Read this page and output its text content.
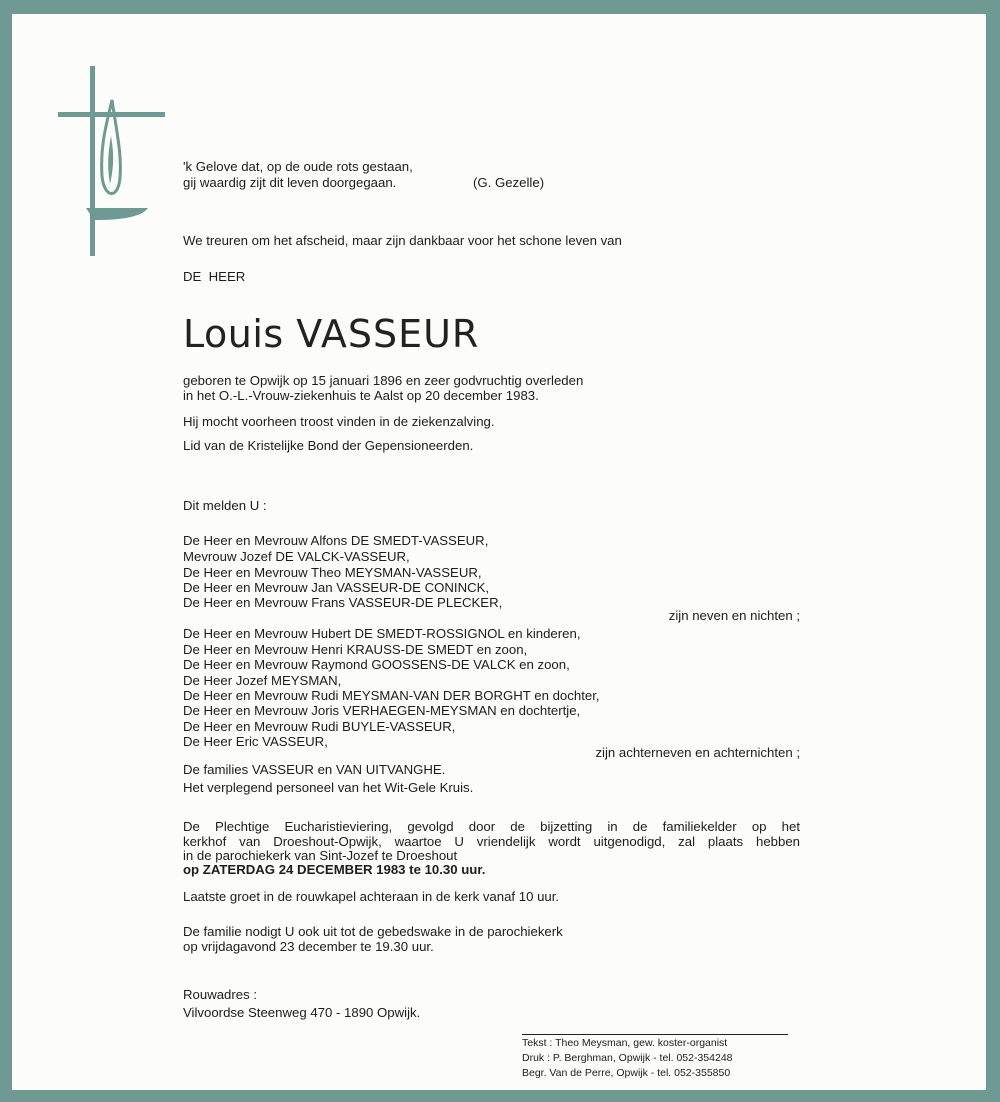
'k Gelove dat, op de oude rots gestaan,
gij waardig zijt dit leven doorgegaan.	(G. Gezelle)
We treuren om het afscheid, maar zijn dankbaar voor het schone leven van
DE  HEER
Louis VASSEUR
geboren te Opwijk op 15 januari 1896 en zeer godvruchtig overleden
in het O.-L.-Vrouw-ziekenhuis te Aalst op 20 december 1983.
Hij mocht voorheen troost vinden in de ziekenzalving.
Lid van de Kristelijke Bond der Gepensioneerden.
Dit melden U :
De Heer en Mevrouw Alfons DE SMEDT-VASSEUR,
Mevrouw Jozef DE VALCK-VASSEUR,
De Heer en Mevrouw Theo MEYSMAN-VASSEUR,
De Heer en Mevrouw Jan VASSEUR-DE CONINCK,
De Heer en Mevrouw Frans VASSEUR-DE PLECKER,
zijn neven en nichten ;
De Heer en Mevrouw Hubert DE SMEDT-ROSSIGNOL en kinderen,
De Heer en Mevrouw Henri KRAUSS-DE SMEDT en zoon,
De Heer en Mevrouw Raymond GOOSSENS-DE VALCK en zoon,
De Heer Jozef MEYSMAN,
De Heer en Mevrouw Rudi MEYSMAN-VAN DER BORGHT en dochter,
De Heer en Mevrouw Joris VERHAEGEN-MEYSMAN en dochtertje,
De Heer en Mevrouw Rudi BUYLE-VASSEUR,
De Heer Eric VASSEUR,
zijn achterneven en achternichten ;
De families VASSEUR en VAN UITVANGHE.
Het verplegend personeel van het Wit-Gele Kruis.
De Plechtige Eucharistieviering, gevolgd door de bijzetting in de familiekelder op het
kerkhof van Droeshout-Opwijk, waartoe U vriendelijk wordt uitgenodigd, zal plaats hebben
in de parochiekerk van Sint-Jozef te Droeshout
op ZATERDAG 24 DECEMBER 1983 te 10.30 uur.
Laatste groet in de rouwkapel achteraan in de kerk vanaf 10 uur.
De familie nodigt U ook uit tot de gebedswake in de parochiekerk
op vrijdagavond 23 december te 19.30 uur.
Rouwadres :
Vilvoordse Steenweg 470 - 1890 Opwijk.
Tekst : Theo Meysman, gew. koster-organist
Druk : P. Berghman, Opwijk - tel. 052-354248
Begr. Van de Perre, Opwijk - tel. 052-355850
